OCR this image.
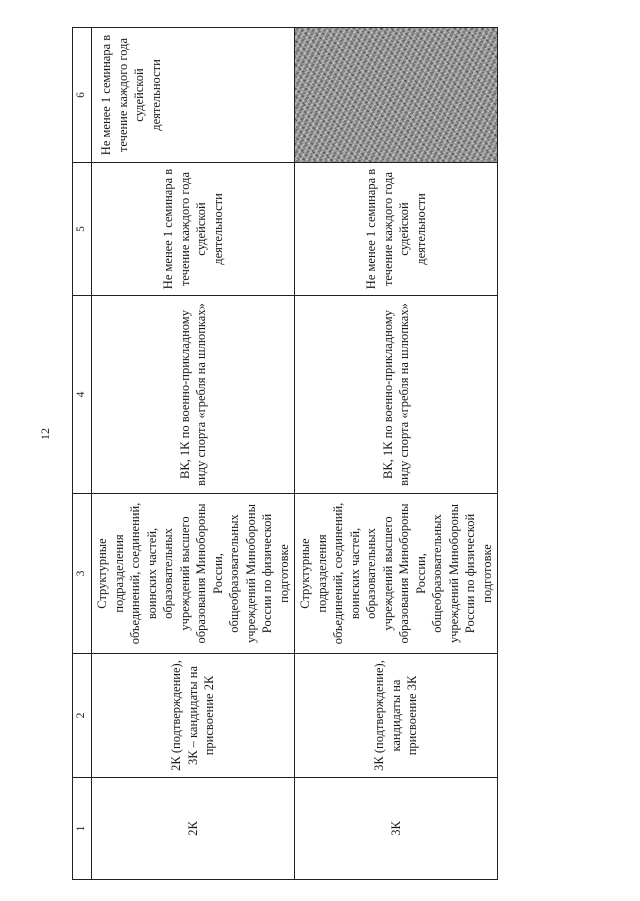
12
1	2	3	4	5	6
2К	2К (подтверждение), 3К – кандидаты на присвоение 2К	Структурные подразделения объединений, соединений, воинских частей, образовательных учреждений высшего образования Минобороны России, общеобразовательных учреждений Минобороны России по физической подготовке	ВК, 1К по военно-прикладному виду спорта «гребля на шлюпках»	Не менее 1 семинара в течение каждого года судейской деятельности	Не менее 1 семинара в течение каждого года судейской деятельности
3К	3К (подтверждение), кандидаты на присвоение 3К	Структурные подразделения объединений, соединений, воинских частей, образовательных учреждений высшего образования Минобороны России, общеобразовательных учреждений Минобороны России по физической подготовке	ВК, 1К по военно-прикладному виду спорта «гребля на шлюпках»	Не менее 1 семинара в течение каждого года судейской деятельности	
